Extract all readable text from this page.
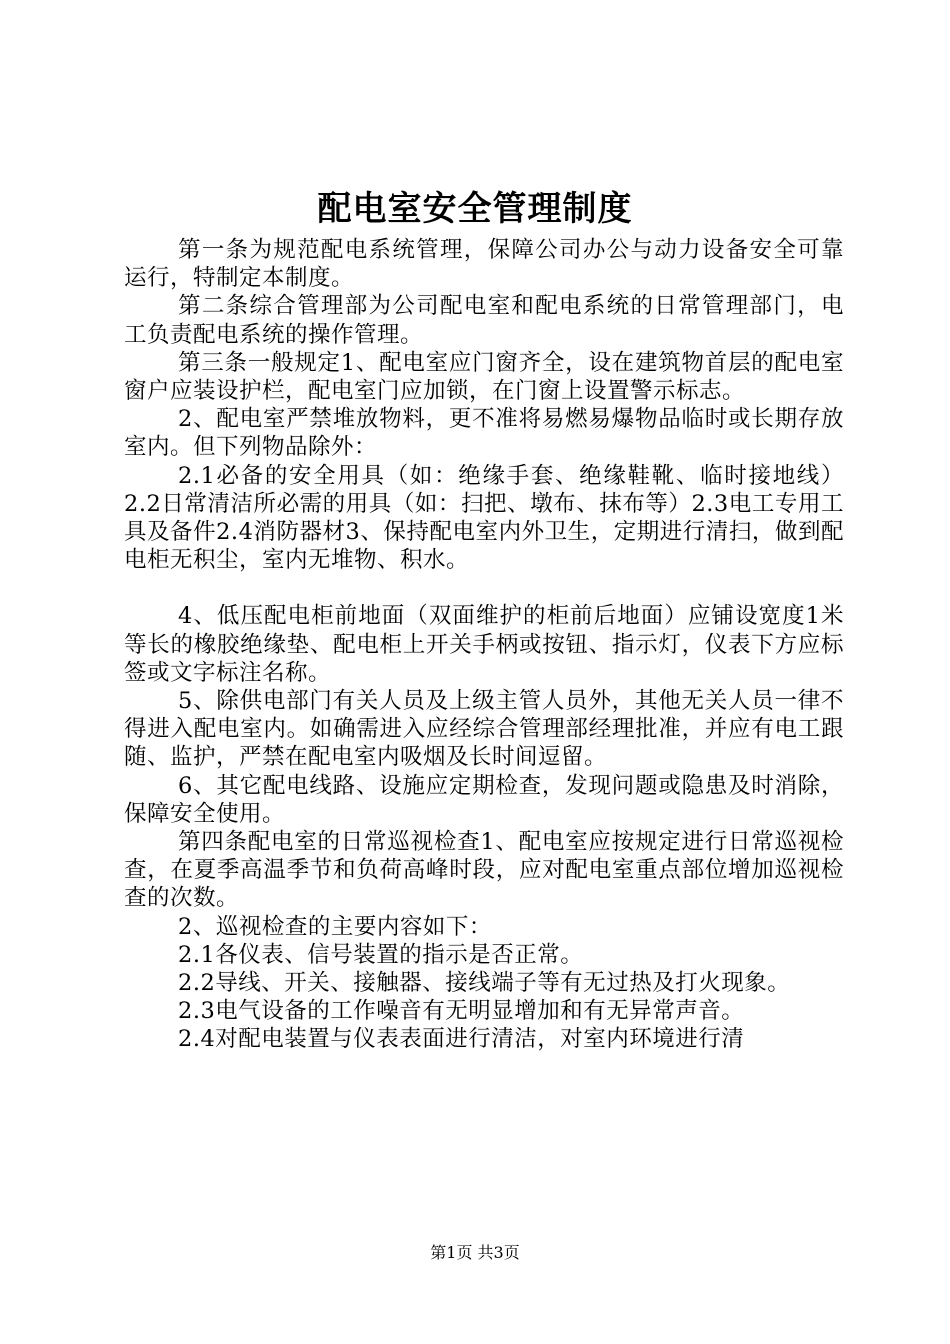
配电室安全管理制度

第一条为规范配电系统管理，保障公司办公与动力设备安全可靠运行，特制定本制度。

第二条综合管理部为公司配电室和配电系统的日常管理部门，电工负责配电系统的操作管理。

第三条一般规定1、配电室应门窗齐全，设在建筑物首层的配电室窗户应装设护栏，配电室门应加锁，在门窗上设置警示标志。

2、配电室严禁堆放物料，更不准将易燃易爆物品临时或长期存放室内。但下列物品除外：

2.1必备的安全用具（如：绝缘手套、绝缘鞋靴、临时接地线）2.2日常清洁所必需的用具（如：扫把、墩布、抹布等）2.3电工专用工具及备件2.4消防器材3、保持配电室内外卫生，定期进行清扫，做到配电柜无积尘，室内无堆物、积水。

4、低压配电柜前地面（双面维护的柜前后地面）应铺设宽度1米等长的橡胶绝缘垫、配电柜上开关手柄或按钮、指示灯，仪表下方应标签或文字标注名称。

5、除供电部门有关人员及上级主管人员外，其他无关人员一律不得进入配电室内。如确需进入应经综合管理部经理批准，并应有电工跟随、监护，严禁在配电室内吸烟及长时间逗留。

6、其它配电线路、设施应定期检查，发现问题或隐患及时消除，保障安全使用。

第四条配电室的日常巡视检查1、配电室应按规定进行日常巡视检查，在夏季高温季节和负荷高峰时段，应对配电室重点部位增加巡视检查的次数。

2、巡视检查的主要内容如下：

2.1各仪表、信号装置的指示是否正常。

2.2导线、开关、接触器、接线端子等有无过热及打火现象。

2.3电气设备的工作噪音有无明显增加和有无异常声音。

2.4对配电装置与仪表表面进行清洁，对室内环境进行清

第1页 共3页
